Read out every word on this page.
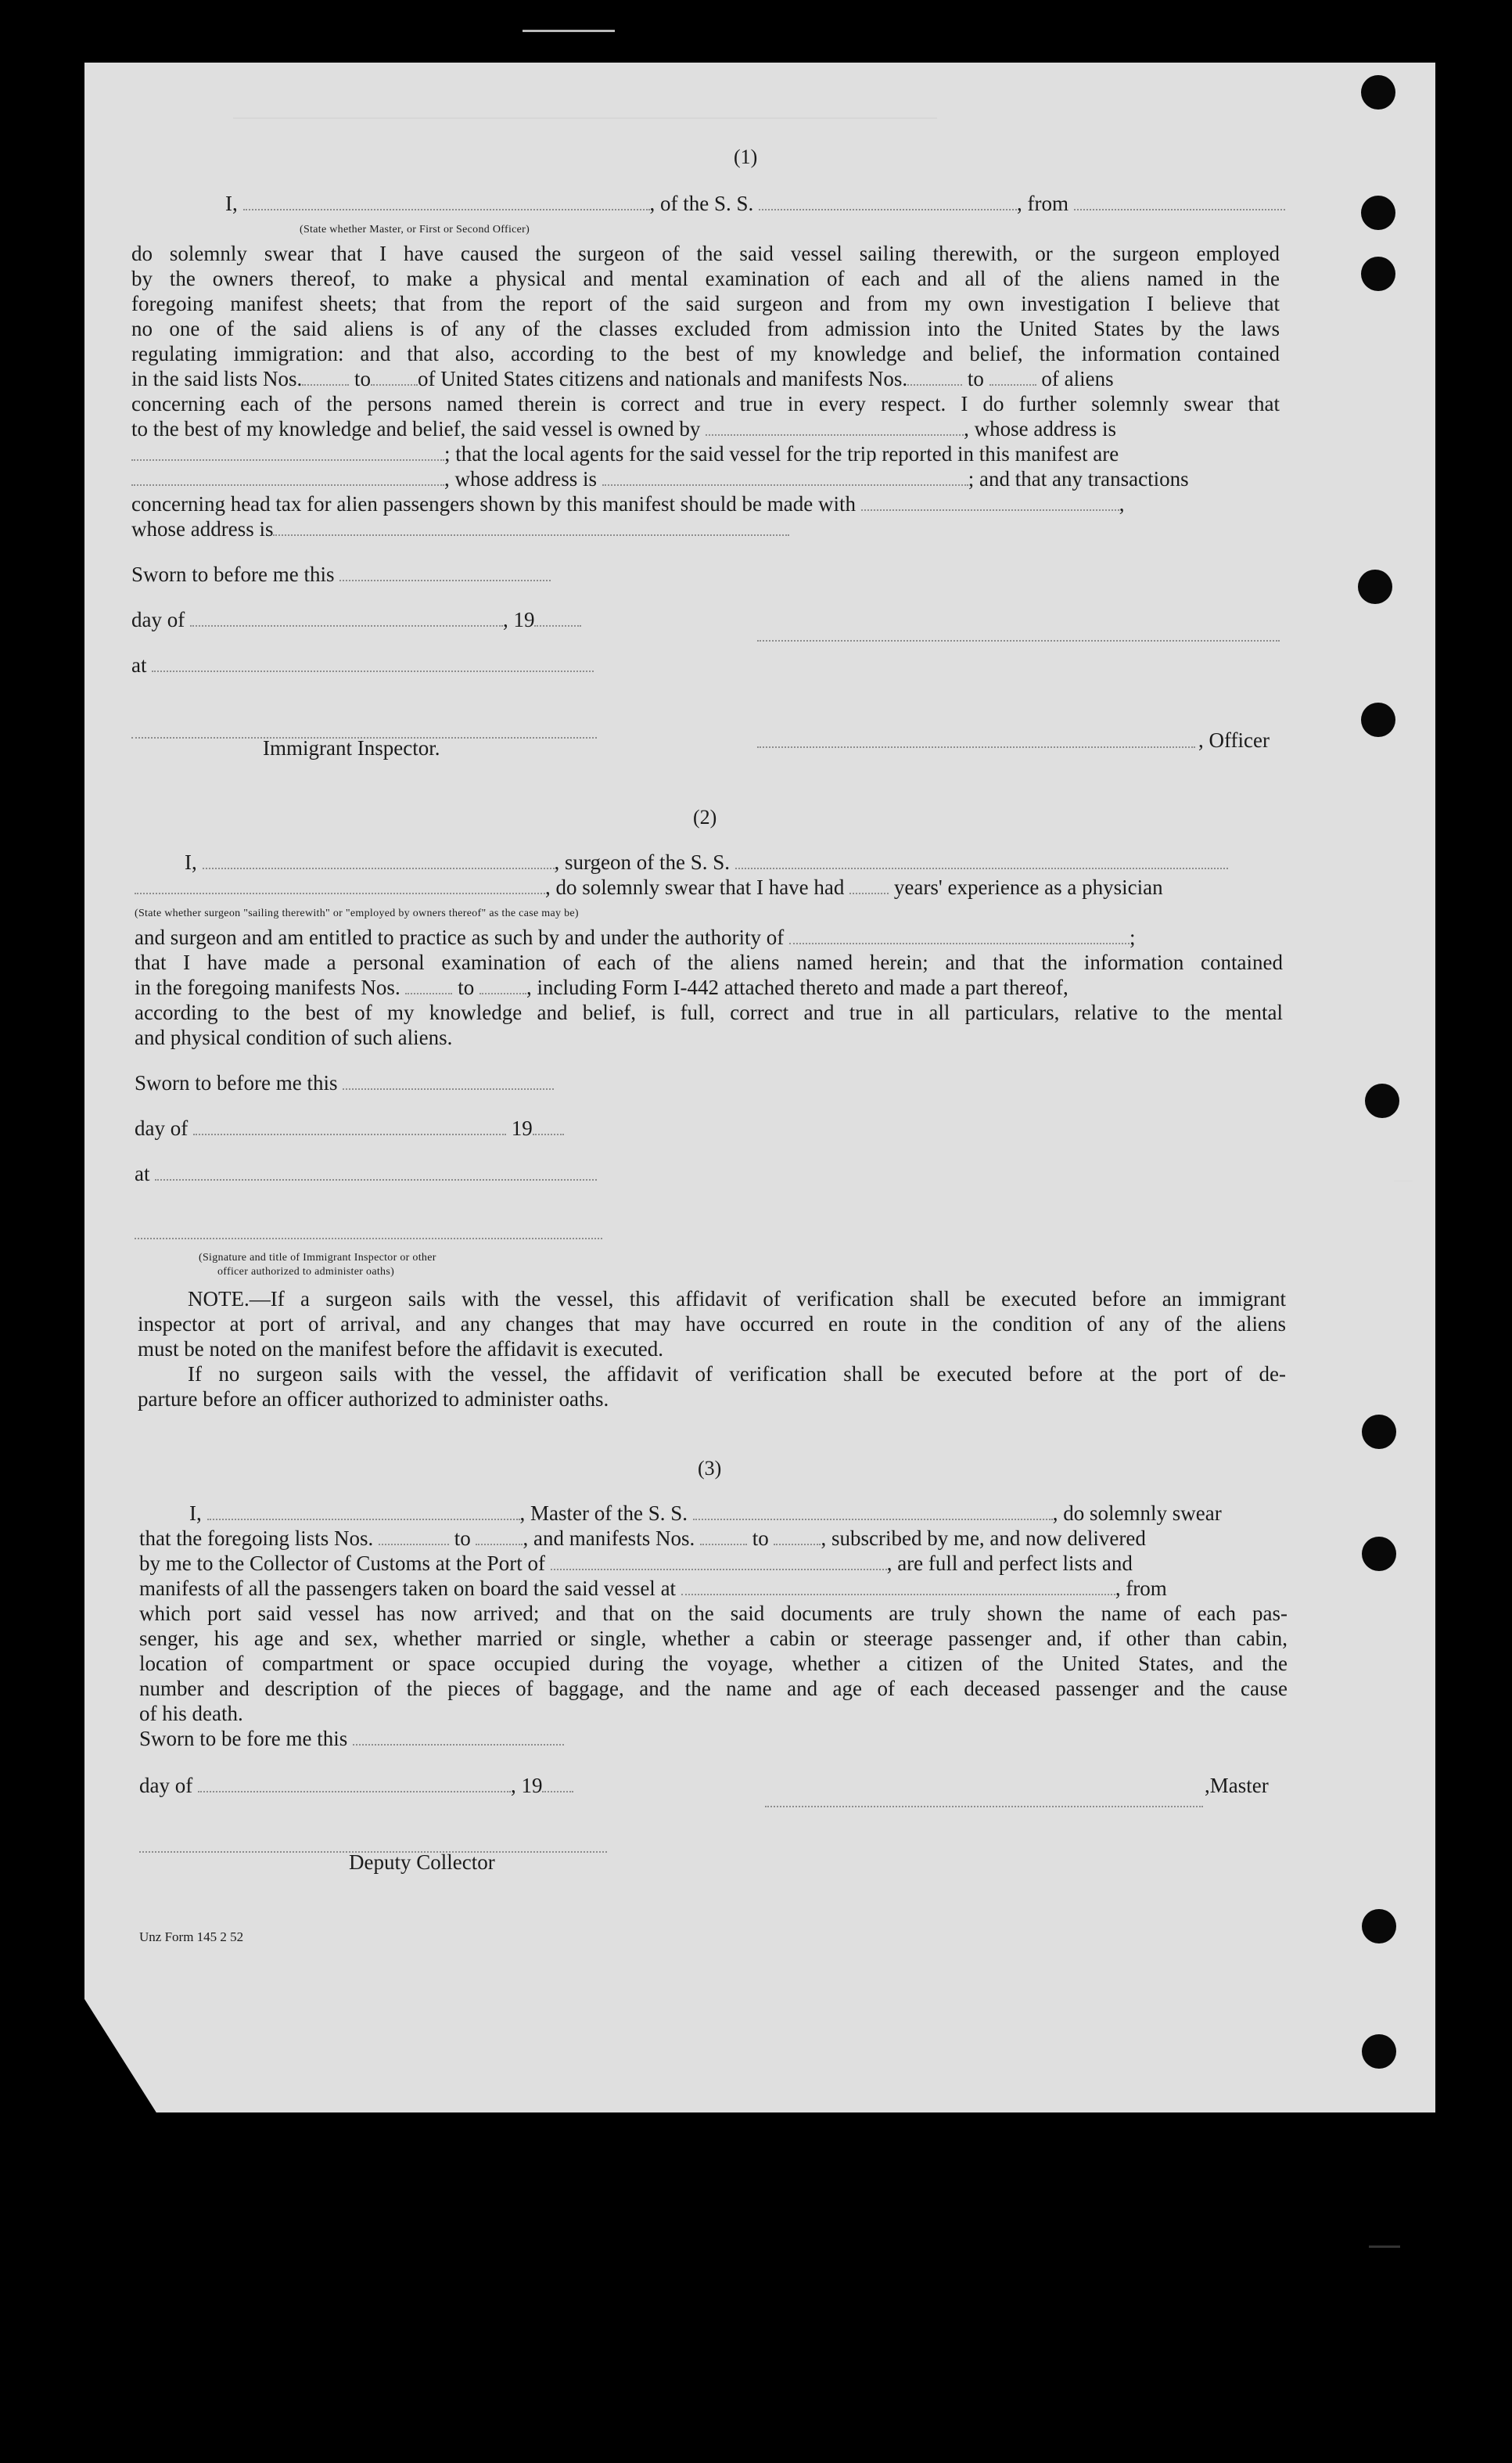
(1)
I,	, of the S. S.	, from
(State whether Master, or First or Second Officer)
do solemnly swear that I have caused the surgeon of the said vessel sailing therewith, or the surgeon employed
by the owners thereof, to make a physical and mental examination of each and all of the aliens named in the
foregoing manifest sheets; that from the report of the said surgeon and from my own investigation I believe that
no one of the said aliens is of any of the classes excluded from admission into the United States by the laws
regulating immigration: and that also, according to the best of my knowledge and belief, the information contained
in the said lists Nos. to of United States citizens and nationals and manifests Nos.	to	of aliens
concerning each of the persons named therein is correct and true in every respect. I do further solemnly swear that
to the best of my knowledge and belief, the said vessel is owned by	, whose address is
; that the local agents for the said vessel for the trip reported in this manifest are
, whose address is	; and that any transactions
concerning head tax for alien passengers shown by this manifest should be made with	,
whose address is
Sworn to before me this
day of	, 19
at
Immigrant Inspector.	, Officer
(2)
I,	, surgeon of the S. S.
, do solemnly swear that I have had years' experience as a physician
(State whether surgeon "sailing therewith" or "employed by owners thereof" as the case may be)
and surgeon and am entitled to practice as such by and under the authority of	;
that I have made a personal examination of each of the aliens named herein; and that the information contained
in the foregoing manifests Nos.	to , including Form I-442 attached thereto and made a part thereof,
according to the best of my knowledge and belief, is full, correct and true in all particulars, relative to the mental
and physical condition of such aliens.
Sworn to before me this
day of	19
at
(Signature and title of Immigrant Inspector or other
officer authorized to administer oaths)
NOTE.—If a surgeon sails with the vessel, this affidavit of verification shall be executed before an immigrant
inspector at port of arrival, and any changes that may have occurred en route in the condition of any of the aliens
must be noted on the manifest before the affidavit is executed.
If no surgeon sails with the vessel, the affidavit of verification shall be executed before at the port of de-
parture before an officer authorized to administer oaths.
(3)
I,	, Master of the S. S.	, do solemnly swear
that the foregoing lists Nos.	to , and manifests Nos.	to , subscribed by me, and now delivered
by me to the Collector of Customs at the Port of	, are full and perfect lists and
manifests of all the passengers taken on board the said vessel at	, from
which port said vessel has now arrived; and that on the said documents are truly shown the name of each pas-
senger, his age and sex, whether married or single, whether a cabin or steerage passenger and, if other than cabin,
location of compartment or space occupied during the voyage, whether a citizen of the United States, and the
number and description of the pieces of baggage, and the name and age of each deceased passenger and the cause
of his death.
Sworn to be fore me this
day of	, 19	,Master
Deputy Collector
Unz Form 145 2 52
